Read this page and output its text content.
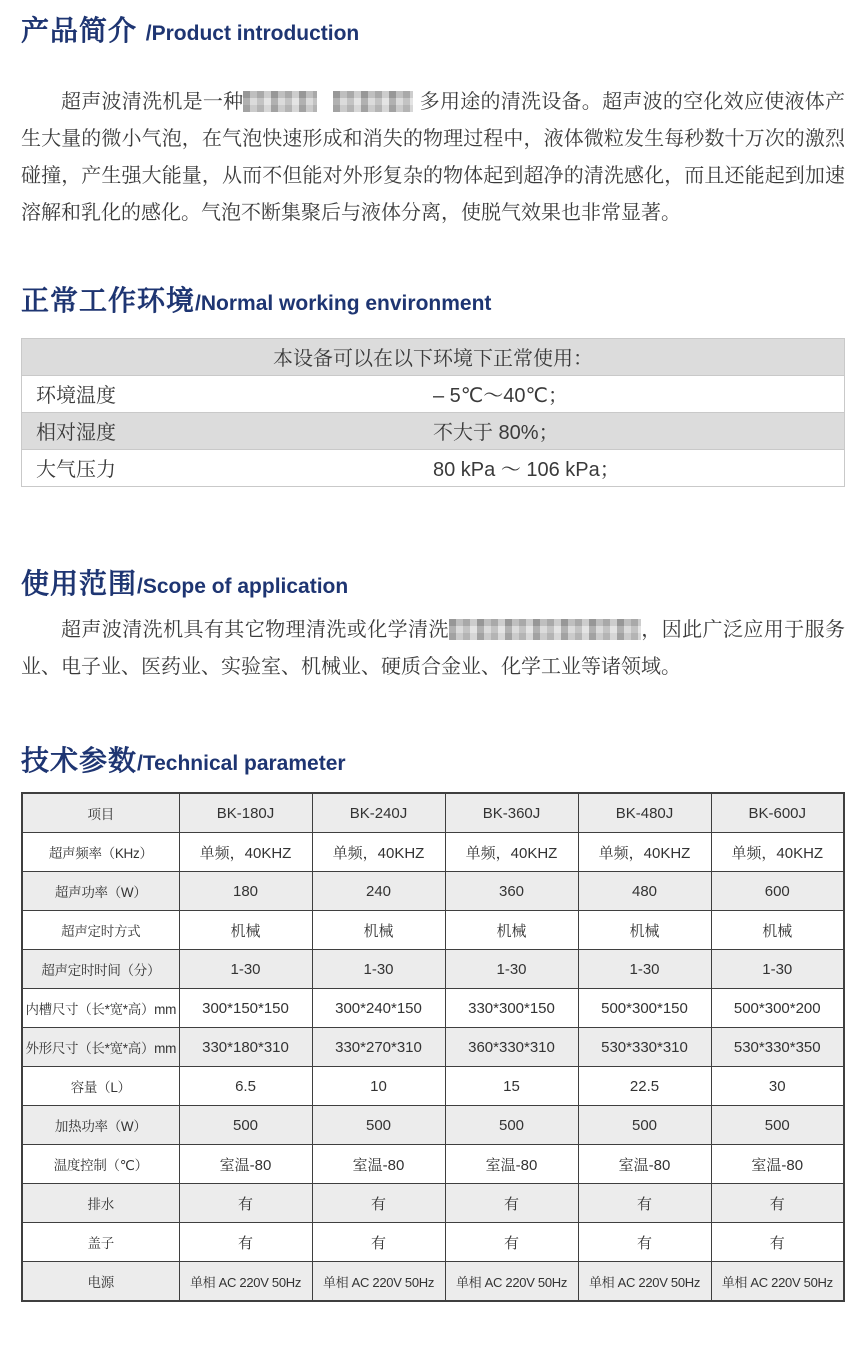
产品简介 /Product introduction

超声波清洗机是一种	多用途的清洗设备。超声波的空化效应使液体产生大量的微小气泡，在气泡快速形成和消失的物理过程中，液体微粒发生每秒数十万次的激烈碰撞，产生强大能量，从而不但能对外形复杂的物体起到超净的清洗感化，而且还能起到加速溶解和乳化的感化。气泡不断集聚后与液体分离，使脱气效果也非常显著。

正常工作环境/Normal working environment
本设备可以在以下环境下正常使用：	
环境温度	– 5℃～40℃；
相对湿度	不大于 80%；
大气压力	80 kPa ～ 106 kPa；
使用范围/Scope of application

超声波清洗机具有其它物理清洗或化学清洗	，因此广泛应用于服务业、电子业、医药业、实验室、机械业、硬质合金业、化学工业等诸领域。

技术参数/Technical parameter
项目	BK-180J	BK-240J	BK-360J	BK-480J	BK-600J
超声频率（KHz）	单频，40KHZ	单频，40KHZ	单频，40KHZ	单频，40KHZ	单频，40KHZ
超声功率（W）	180	240	360	480	600
超声定时方式	机械	机械	机械	机械	机械
超声定时时间（分）	1-30	1-30	1-30	1-30	1-30
内槽尺寸（长*宽*高）mm	300*150*150	300*240*150	330*300*150	500*300*150	500*300*200
外形尺寸（长*宽*高）mm	330*180*310	330*270*310	360*330*310	530*330*310	530*330*350
容量（L）	6.5	10	15	22.5	30
加热功率（W）	500	500	500	500	500
温度控制（℃）	室温-80	室温-80	室温-80	室温-80	室温-80
排水	有	有	有	有	有
盖子	有	有	有	有	有
电源	单相 AC 220V 50Hz	单相 AC 220V 50Hz	单相 AC 220V 50Hz	单相 AC 220V 50Hz	单相 AC 220V 50Hz
